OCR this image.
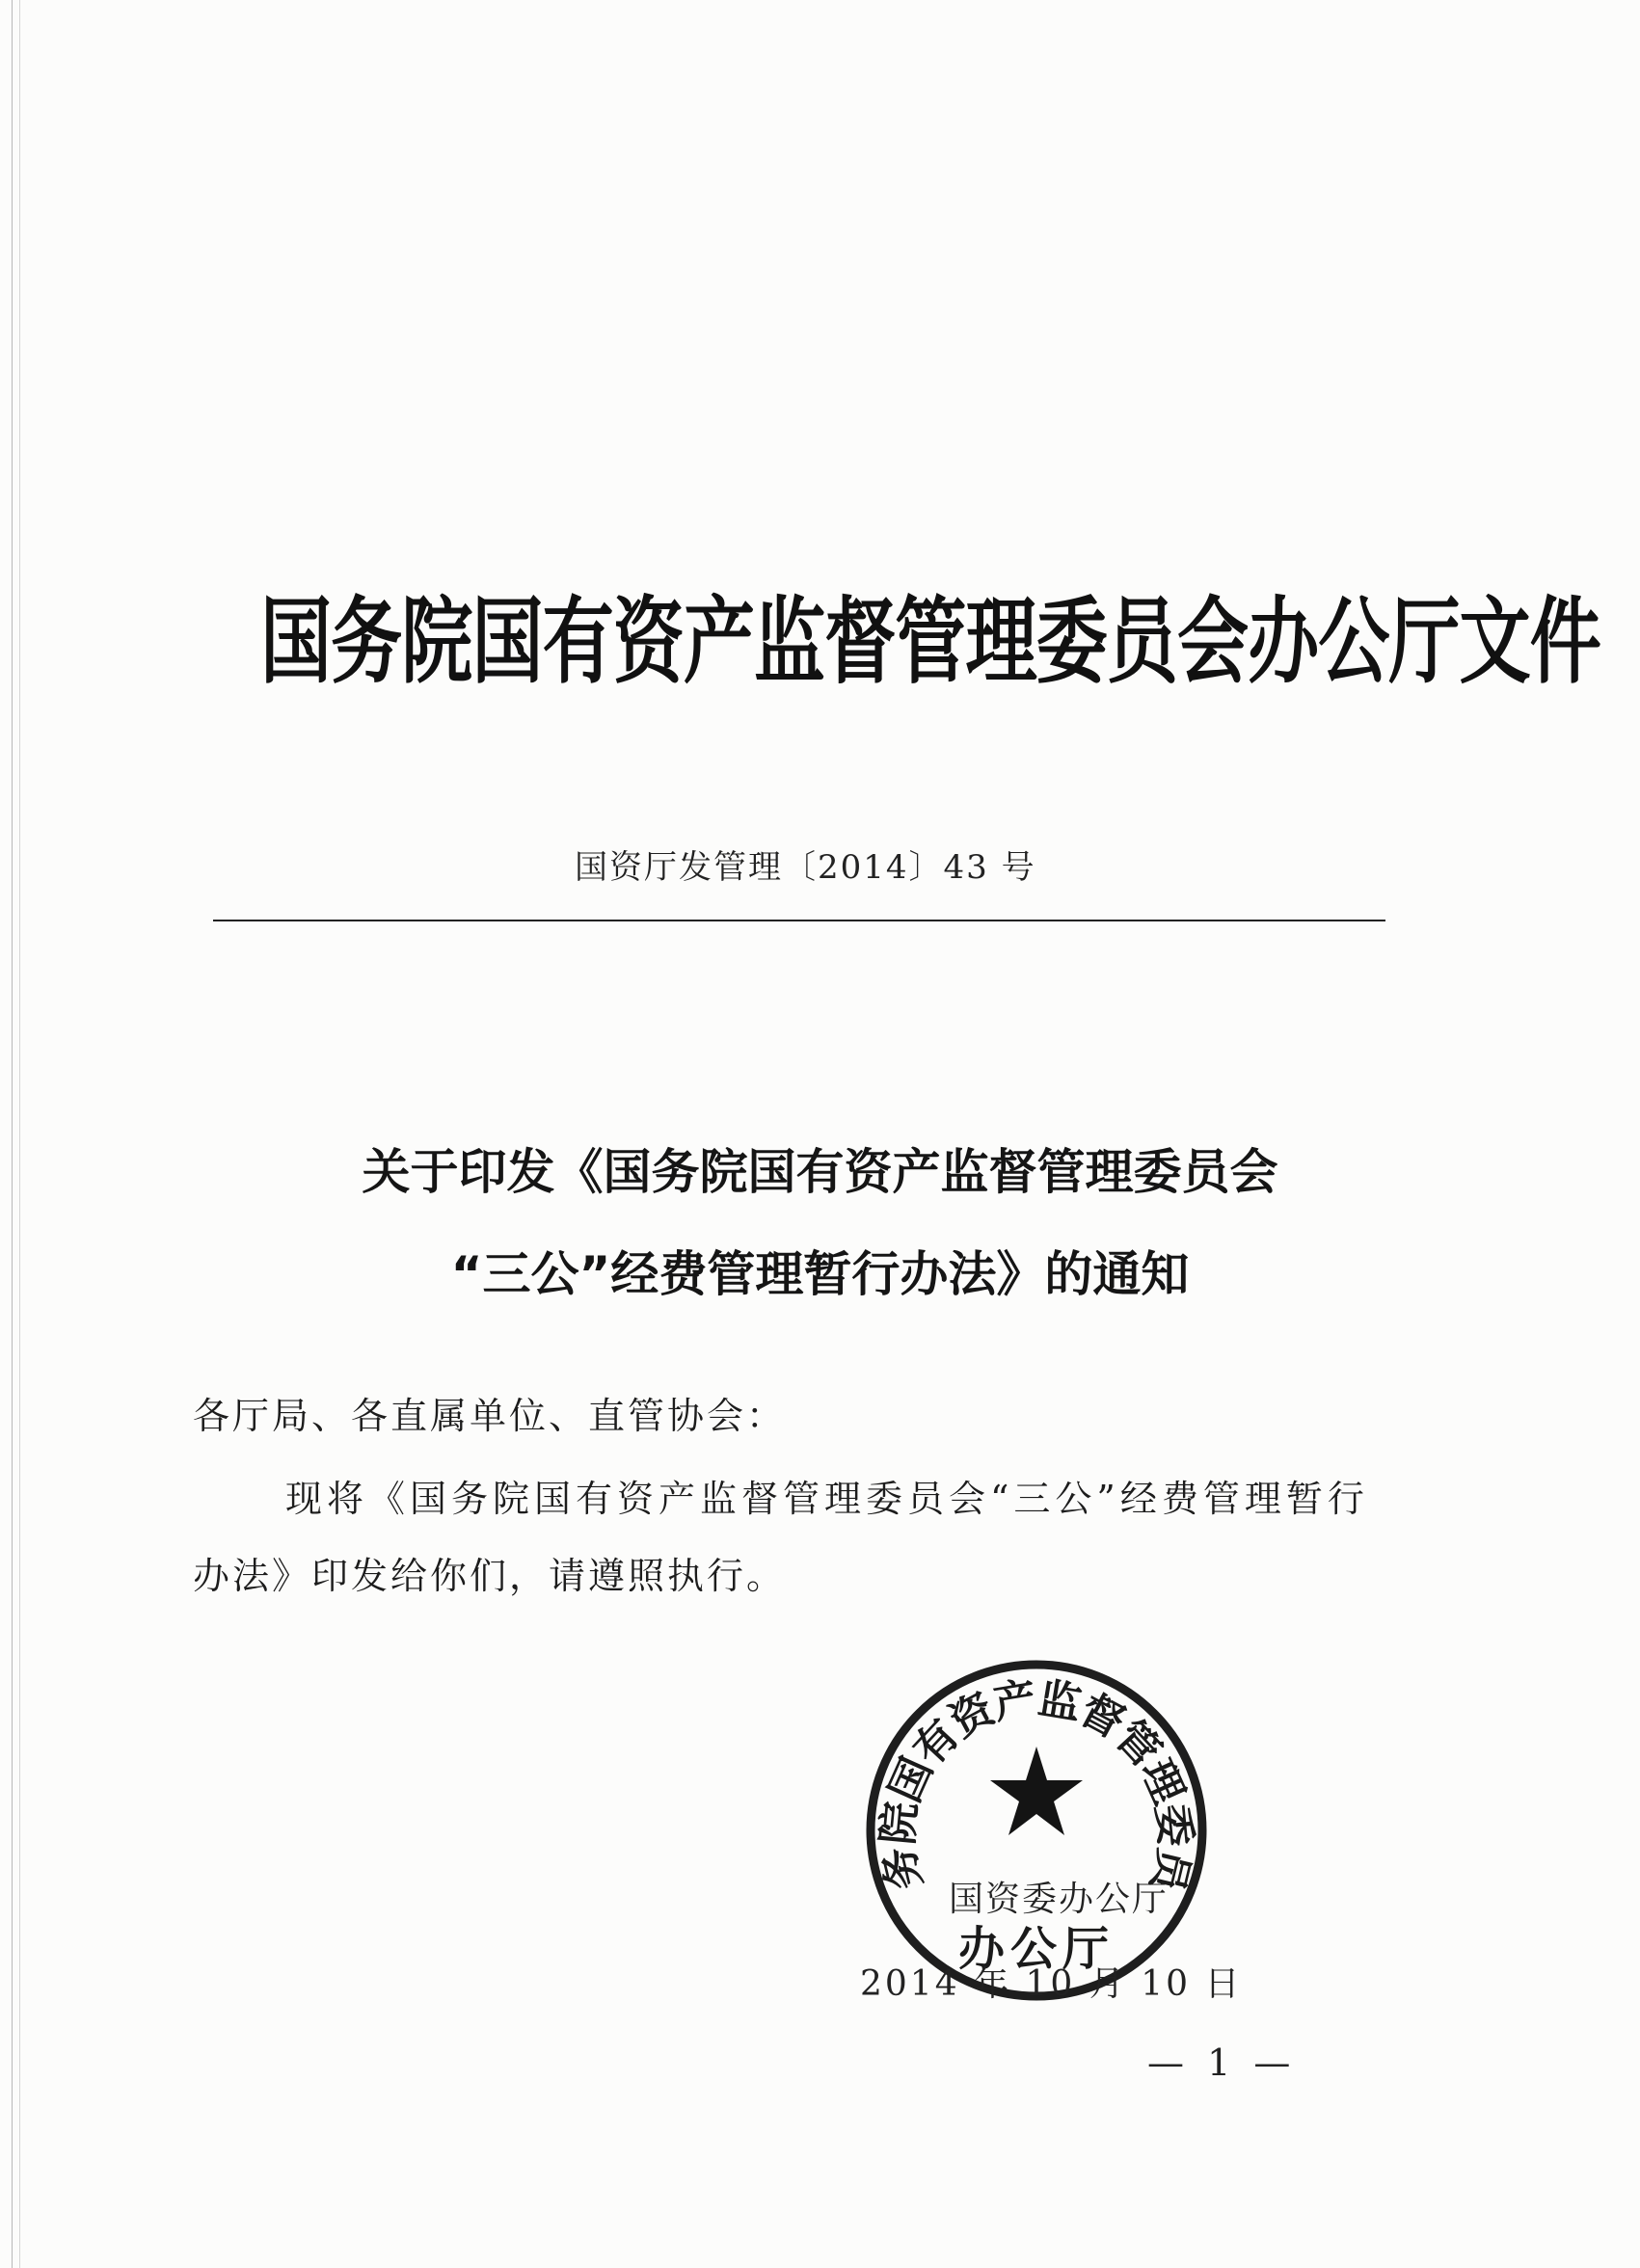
国务院国有资产监督管理委员会办公厅文件
国资厅发管理〔2014〕43 号
关于印发《国务院国有资产监督管理委员会
“三公”经费管理暂行办法》的通知
各厅局、各直属单位、直管协会：
现将《国务院国有资产监督管理委员会“三公”经费管理暂行
办法》印发给你们，请遵照执行。
务院国有资产监督管理委员
办公厅
国资委办公厅
2014 年 10 月 10 日
— 1 —
